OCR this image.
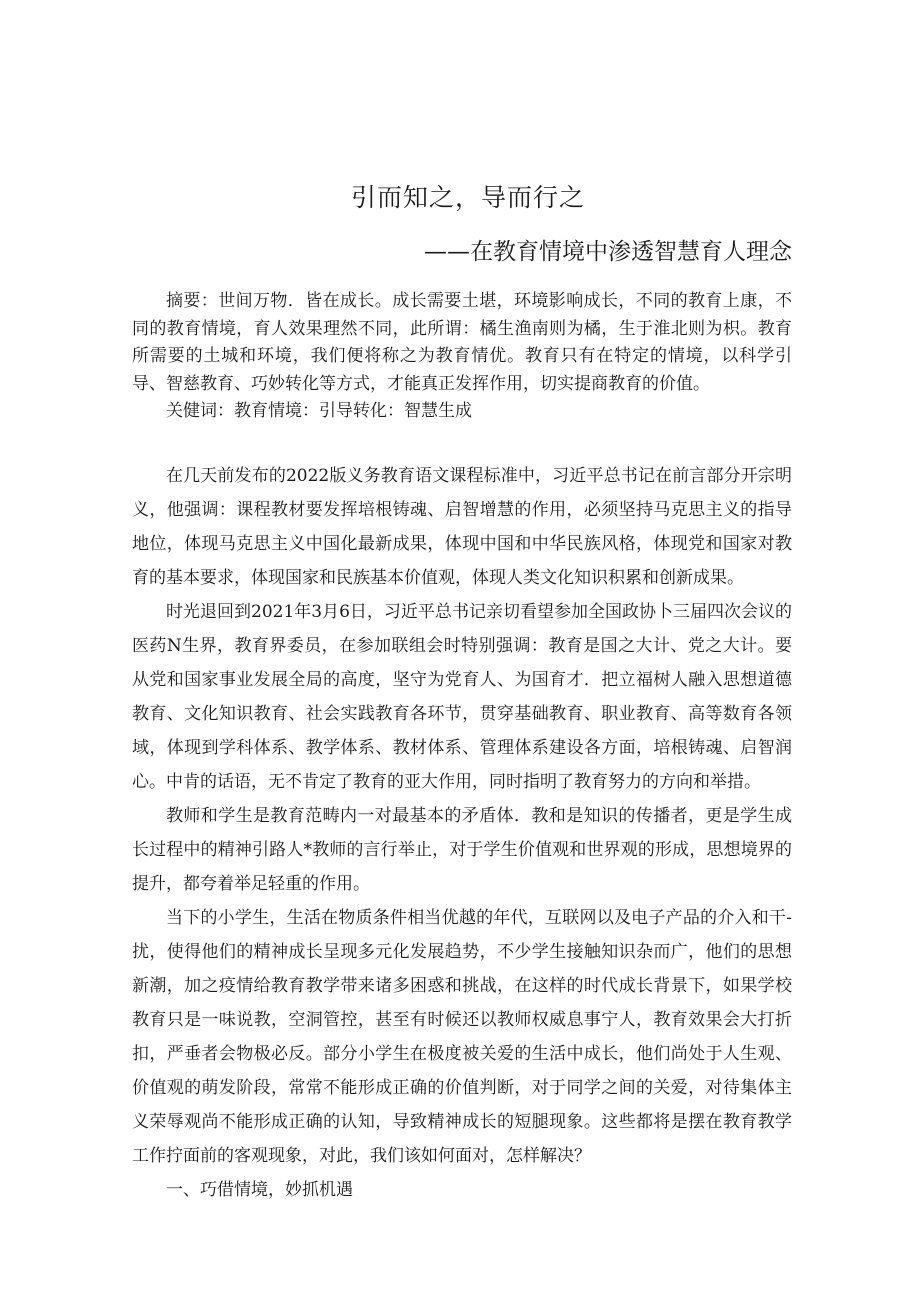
引而知之，导而行之
——在教育情境中渗透智慧育人理念

摘要：世间万物．皆在成长。成长需要土堪，环境影响成长，不同的教育上康，不同的教育情境，育人效果理然不同，此所谓：橘生渔南则为橘，生于淮北则为枳。教育所需要的土城和环境，我们便将称之为教育情优。教育只有在特定的情境，以科学引导、智慈教育、巧妙转化等方式，才能真正发挥作用，切实提商教育的价值。

关健词：教育情境：引导转化：智慧生成

在几天前发布的2022版义务教育语文课程标准中，习近平总书记在前言部分开宗明义，他强调：课程教材要发挥培根铸魂、启智增慧的作用，必须坚持马克思主义的指导地位，体现马克思主义中国化最新成果，体现中国和中华民族风格，体现党和国家对教育的基本要求，体现国家和民族基本价值观，体现人类文化知识积累和创新成果。

时光退回到2021年3月6日，习近平总书记亲切看望参加全国政协卜三届四次会议的医药N生界，教育界委员，在参加联组会时特别强调：教育是国之大计、党之大计。要从党和国家事业发展全局的高度，坚守为党育人、为国育才．把立福树人融入思想道德教育、文化知识教育、社会实践教育各环节，贯穿基础教育、职业教育、高等数育各领域，体现到学科体系、教学体系、教材体系、管理体系建设各方面，培根铸魂、启智润心。中肯的话语，无不肯定了教育的亚大作用，同时指明了教育努力的方向和举措。

教师和学生是教育范畴内一对最基本的矛盾体．教和是知识的传播者，更是学生成长过程中的精神引路人*教师的言行举止，对于学生价值观和世界观的形成，思想境界的提升，都夸着举足轻重的作用。

当下的小学生，生活在物质条件相当优越的年代，互联网以及电子产品的介入和干-扰，使得他们的精神成长呈现多元化发展趋势，不少学生接触知识杂而广，他们的思想新潮，加之疫情给教育教学带来诸多困惑和挑战，在这样的时代成长背景下，如果学校教育只是一味说教，空洞管控，甚至有时候还以教师权威息事宁人，教育效果会大打折扣，严垂者会物极必反。部分小学生在极度被关爱的生活中成长，他们尚处于人生观、价值观的萌发阶段，常常不能形成正确的价值判断，对于同学之间的关爱，对待集体主义荣辱观尚不能形成正确的认知，导致精神成长的短腿现象。这些都将是摆在教育教学工作拧面前的客观现象，对此，我们该如何面对，怎样解决？

一、巧借情境，妙抓机遇
